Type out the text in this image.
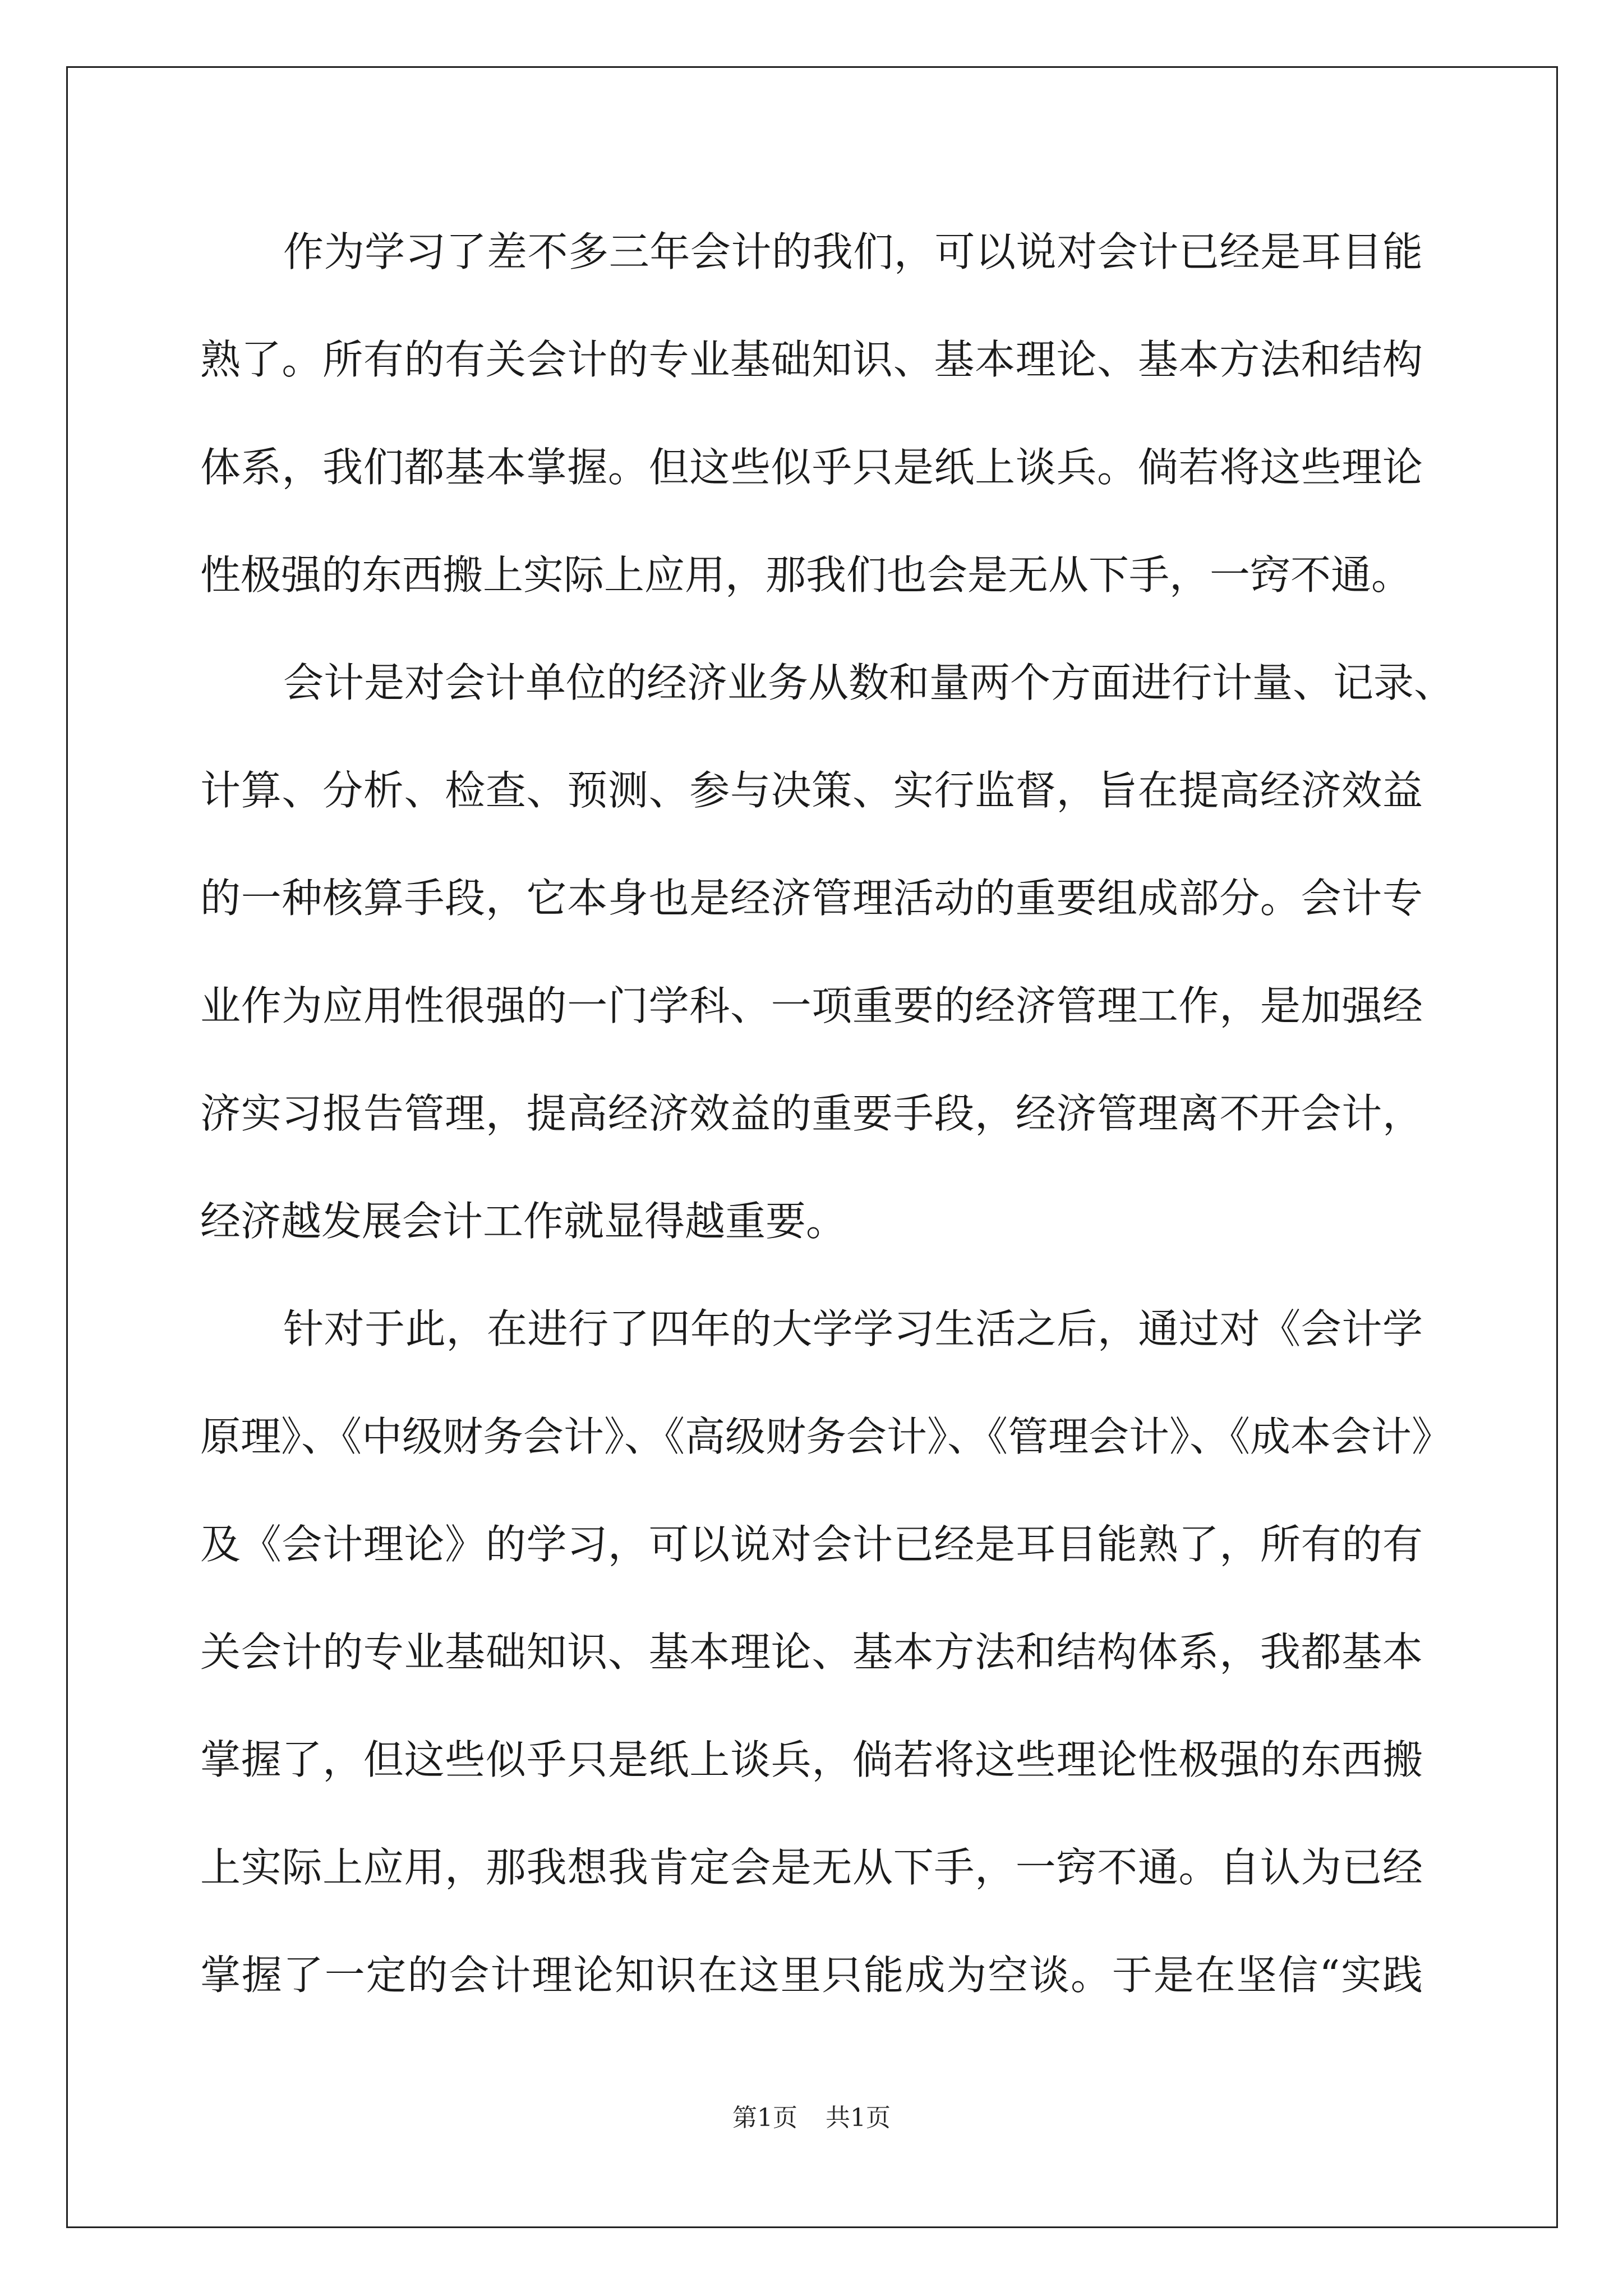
作为学习了差不多三年会计的我们，可以说对会计已经是耳目能
熟了。所有的有关会计的专业基础知识、基本理论、基本方法和结构
体系，我们都基本掌握。但这些似乎只是纸上谈兵。倘若将这些理论
性极强的东西搬上实际上应用，那我们也会是无从下手，一窍不通。
会计是对会计单位的经济业务从数和量两个方面进行计量、记录、
计算、分析、检查、预测、参与决策、实行监督，旨在提高经济效益
的一种核算手段，它本身也是经济管理活动的重要组成部分。会计专
业作为应用性很强的一门学科、一项重要的经济管理工作，是加强经
济实习报告管理，提高经济效益的重要手段，经济管理离不开会计，
经济越发展会计工作就显得越重要。
针对于此，在进行了四年的大学学习生活之后，通过对《会计学
原理》、《中级财务会计》、《高级财务会计》、《管理会计》、《成本会计》
及《会计理论》的学习，可以说对会计已经是耳目能熟了，所有的有
关会计的专业基础知识、基本理论、基本方法和结构体系，我都基本
掌握了，但这些似乎只是纸上谈兵，倘若将这些理论性极强的东西搬
上实际上应用，那我想我肯定会是无从下手，一窍不通。自认为已经
掌握了一定的会计理论知识在这里只能成为空谈。于是在坚信“实践
第1页 共1页
